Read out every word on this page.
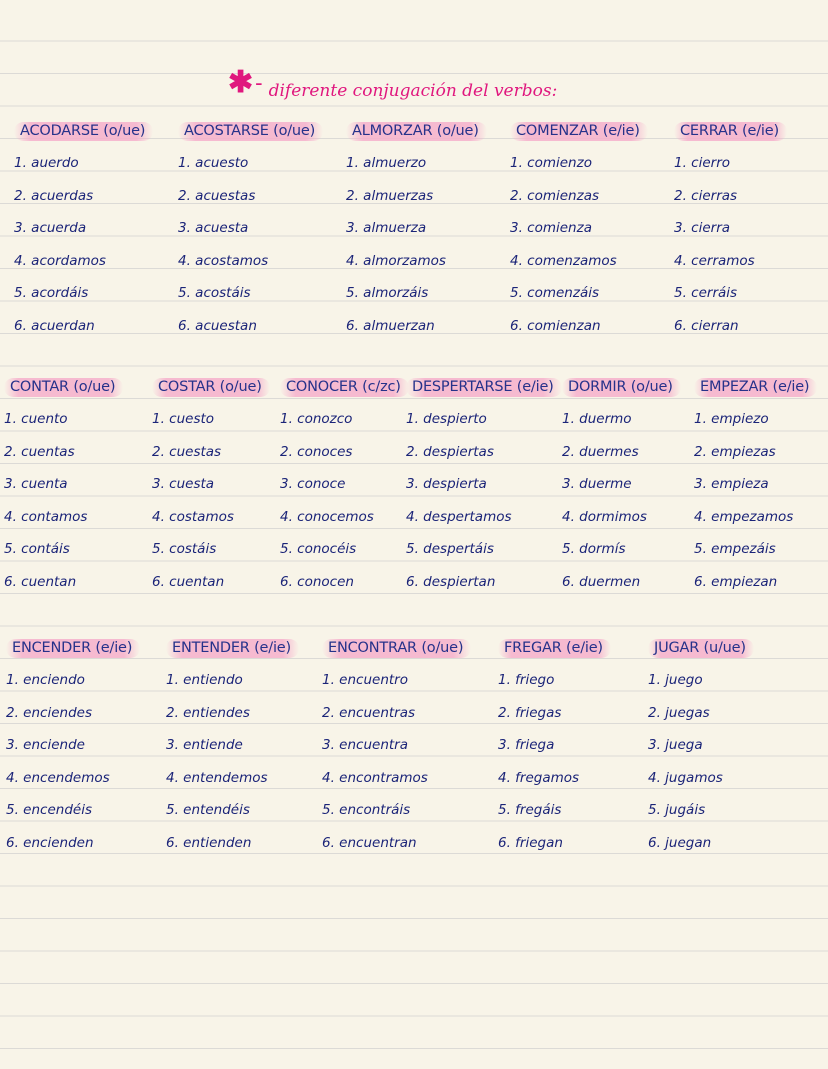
✱ - diferente conjugación del verbos:
ACODARSE (o/ue)
1. auerdo
2. acuerdas
3. acuerda
4. acordamos
5. acordáis
6. acuerdan
ACOSTARSE (o/ue)
1. acuesto
2. acuestas
3. acuesta
4. acostamos
5. acostáis
6. acuestan
ALMORZAR (o/ue)
1. almuerzo
2. almuerzas
3. almuerza
4. almorzamos
5. almorzáis
6. almuerzan
COMENZAR (e/ie)
1. comienzo
2. comienzas
3. comienza
4. comenzamos
5. comenzáis
6. comienzan
CERRAR (e/ie)
1. cierro
2. cierras
3. cierra
4. cerramos
5. cerráis
6. cierran
CONTAR (o/ue)
1. cuento
2. cuentas
3. cuenta
4. contamos
5. contáis
6. cuentan
COSTAR (o/ue)
1. cuesto
2. cuestas
3. cuesta
4. costamos
5. costáis
6. cuentan
CONOCER (c/zc)
1. conozco
2. conoces
3. conoce
4. conocemos
5. conocéis
6. conocen
DESPERTARSE (e/ie)
1. despierto
2. despiertas
3. despierta
4. despertamos
5. despertáis
6. despiertan
DORMIR (o/ue)
1. duermo
2. duermes
3. duerme
4. dormimos
5. dormís
6. duermen
EMPEZAR (e/ie)
1. empiezo
2. empiezas
3. empieza
4. empezamos
5. empezáis
6. empiezan
ENCENDER (e/ie)
1. enciendo
2. enciendes
3. enciende
4. encendemos
5. encendéis
6. encienden
ENTENDER (e/ie)
1. entiendo
2. entiendes
3. entiende
4. entendemos
5. entendéis
6. entienden
ENCONTRAR (o/ue)
1. encuentro
2. encuentras
3. encuentra
4. encontramos
5. encontráis
6. encuentran
FREGAR (e/ie)
1. friego
2. friegas
3. friega
4. fregamos
5. fregáis
6. friegan
JUGAR (u/ue)
1. juego
2. juegas
3. juega
4. jugamos
5. jugáis
6. juegan
